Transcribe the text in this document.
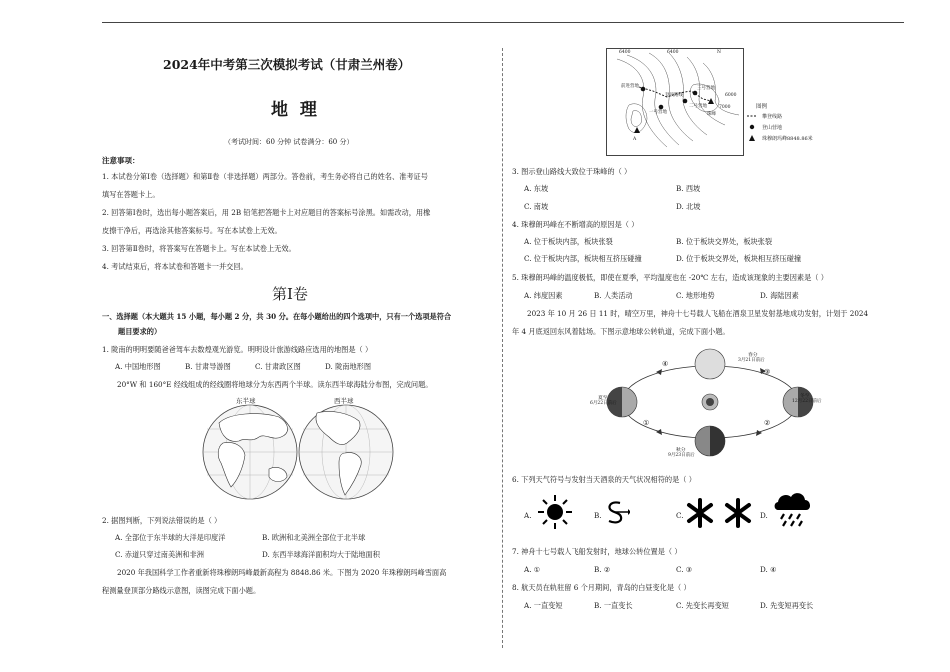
2024年中考第三次模拟考试（甘肃兰州卷）
地  理
（考试时间：60 分钟 试卷满分：60 分）
注意事项：
1. 本试卷分第Ⅰ卷（选择题）和第Ⅱ卷（非选择题）两部分。答卷前，考生务必将自己的姓名、准考证号
填写在答题卡上。
2. 回答第Ⅰ卷时，选出每小题答案后，用 2B 铅笔把答题卡上对应题目的答案标号涂黑。如需改动，用橡
皮擦干净后，再选涂其他答案标号。写在本试卷上无效。
3. 回答第Ⅱ卷时，将答案写在答题卡上。写在本试卷上无效。
4. 考试结束后，将本试卷和答题卡一并交回。
第Ⅰ卷
一、选择题（本大题共 15 小题，每小题 2 分，共 30 分。在每小题给出的四个选项中，只有一个选项是符合
题目要求的）
1. 陇南的明明要随爸爸驾车去数煌观光游览。明明设计旅游线路应选用的地图是（ ）
A. 中国地形图	B. 甘肃导游图	C. 甘肃政区图	D. 陇南地形图
20°W 和 160°E 经线组成的经线圈将地球分为东西两个半球。读东西半球海陆分布图，完成问题。
东半球	西半球
2. 据图判断，下列说法错误的是（ ）
A. 全部位于东半球的大洋是印度洋	B. 欧洲和北美洲全部位于北半球
C. 赤道只穿过南美洲和非洲	D. 东西半球海洋面积均大于陆地面积
2020 年我国科学工作者重新将珠穆朗玛峰最新高程为 8848.86 米。下图为 2020 年珠穆朗玛峰雪面高
程测量登顶部分路线示意图，读图完成下面小题。
6400	6400	N
前进营地	三号营地
6000
登顶路线
二号营地	7000
珠峰
一号营地
A
图例
攀登线路
登山营地
珠穆朗玛峰8848.86米
3. 图示登山路线大致位于珠峰的（ ）
A. 东坡	B. 西坡
C. 南坡	D. 北坡
4. 珠穆朗玛峰在不断增高的原因是（ ）
A. 位于板块内部，板块张裂	B. 位于板块交界处，板块张裂
C. 位于板块内部，板块相互挤压碰撞	D. 位于板块交界处，板块相互挤压碰撞
5. 珠穆朗玛峰的温度极低，即使在夏季，平均温度也在 -20℃ 左右，造成该现象的主要因素是（ ）
A. 纬度因素	B. 人类活动	C. 地形地势	D. 海陆因素
2023 年 10 月 26 日 11 时，晴空万里，神舟十七号载人飞船在酒泉卫星发射基地成功发射，计划于 2024
年 4 月底返回东风着陆场。下图示意地球公转轨道，完成下面小题。
春分
3月21日前后
夏至
6月22日前后
秋分
9月23日前后
冬至
12月22日前后
①	②
③
④
6. 下列天气符号与发射当天酒泉的天气状况相符的是（ ）
A.	B.	C.	D.
7. 神舟十七号载人飞船发射时，地球公转位置是（ ）
A. ①	B. ②	C. ③	D. ④
8. 航天员在轨驻留 6 个月期间，青岛的白昼变化是（ ）
A. 一直变短	B. 一直变长	C. 先变长再变短	D. 先变短再变长
